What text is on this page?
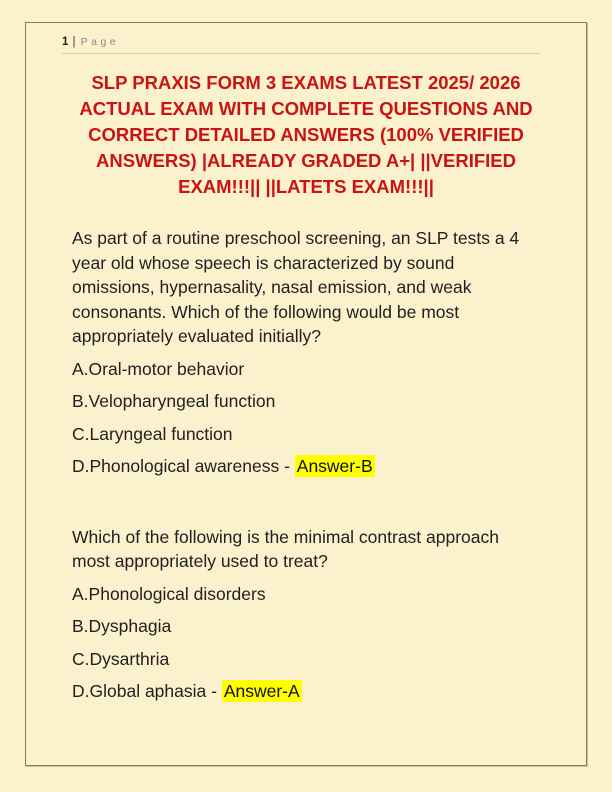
1 | Page
SLP PRAXIS FORM 3 EXAMS LATEST 2025/ 2026 ACTUAL EXAM WITH COMPLETE QUESTIONS AND CORRECT DETAILED ANSWERS (100% VERIFIED ANSWERS) |ALREADY GRADED A+| ||VERIFIED EXAM!!!|| ||LATETS EXAM!!!||

As part of a routine preschool screening, an SLP tests a 4 year old whose speech is characterized by sound omissions, hypernasality, nasal emission, and weak consonants. Which of the following would be most appropriately evaluated initially?

A.Oral-motor behavior

B.Velopharyngeal function

C.Laryngeal function

D.Phonological awareness - Answer-B

Which of the following is the minimal contrast approach most appropriately used to treat?

A.Phonological disorders

B.Dysphagia

C.Dysarthria

D.Global aphasia - Answer-A
